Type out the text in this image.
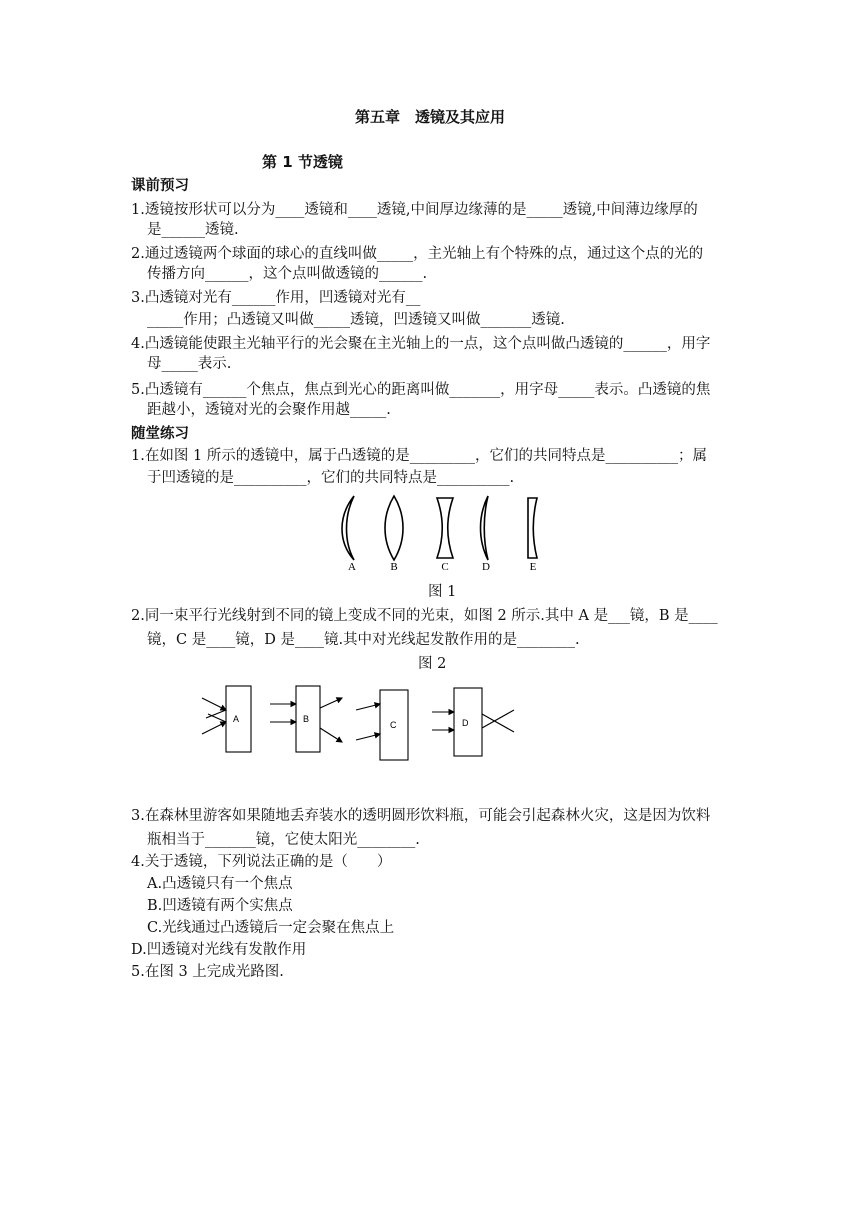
第五章　透镜及其应用
第 1 节透镜
课前预习
1.透镜按形状可以分为____透镜和____透镜,中间厚边缘薄的是_____透镜,中间薄边缘厚的
是______透镜.
2.通过透镜两个球面的球心的直线叫做_____，主光轴上有个特殊的点，通过这个点的光的
传播方向______，这个点叫做透镜的______.
3.凸透镜对光有______作用，凹透镜对光有__
_____作用；凸透镜又叫做_____透镜，凹透镜又叫做_______透镜.
4.凸透镜能使跟主光轴平行的光会聚在主光轴上的一点，这个点叫做凸透镜的______，用字
母_____表示.
5.凸透镜有______个焦点，焦点到光心的距离叫做_______，用字母_____表示。凸透镜的焦
距越小，透镜对光的会聚作用越_____.
随堂练习
1.在如图 1 所示的透镜中，属于凸透镜的是_________，它们的共同特点是__________；属
于凹透镜的是__________，它们的共同特点是__________.
A	B	C	D	E
图 1
2.同一束平行光线射到不同的镜上变成不同的光束，如图 2 所示.其中 A 是___镜，B 是____
镜，C 是____镜，D 是____镜.其中对光线起发散作用的是________.
图 2
A	B
C	D
3.在森林里游客如果随地丢弃装水的透明圆形饮料瓶，可能会引起森林火灾，这是因为饮料
瓶相当于_______镜，它使太阳光________.
4.关于透镜，下列说法正确的是（　　）
A.凸透镜只有一个焦点
B.凹透镜有两个实焦点
C.光线通过凸透镜后一定会聚在焦点上
D.凹透镜对光线有发散作用
5.在图 3 上完成光路图.
